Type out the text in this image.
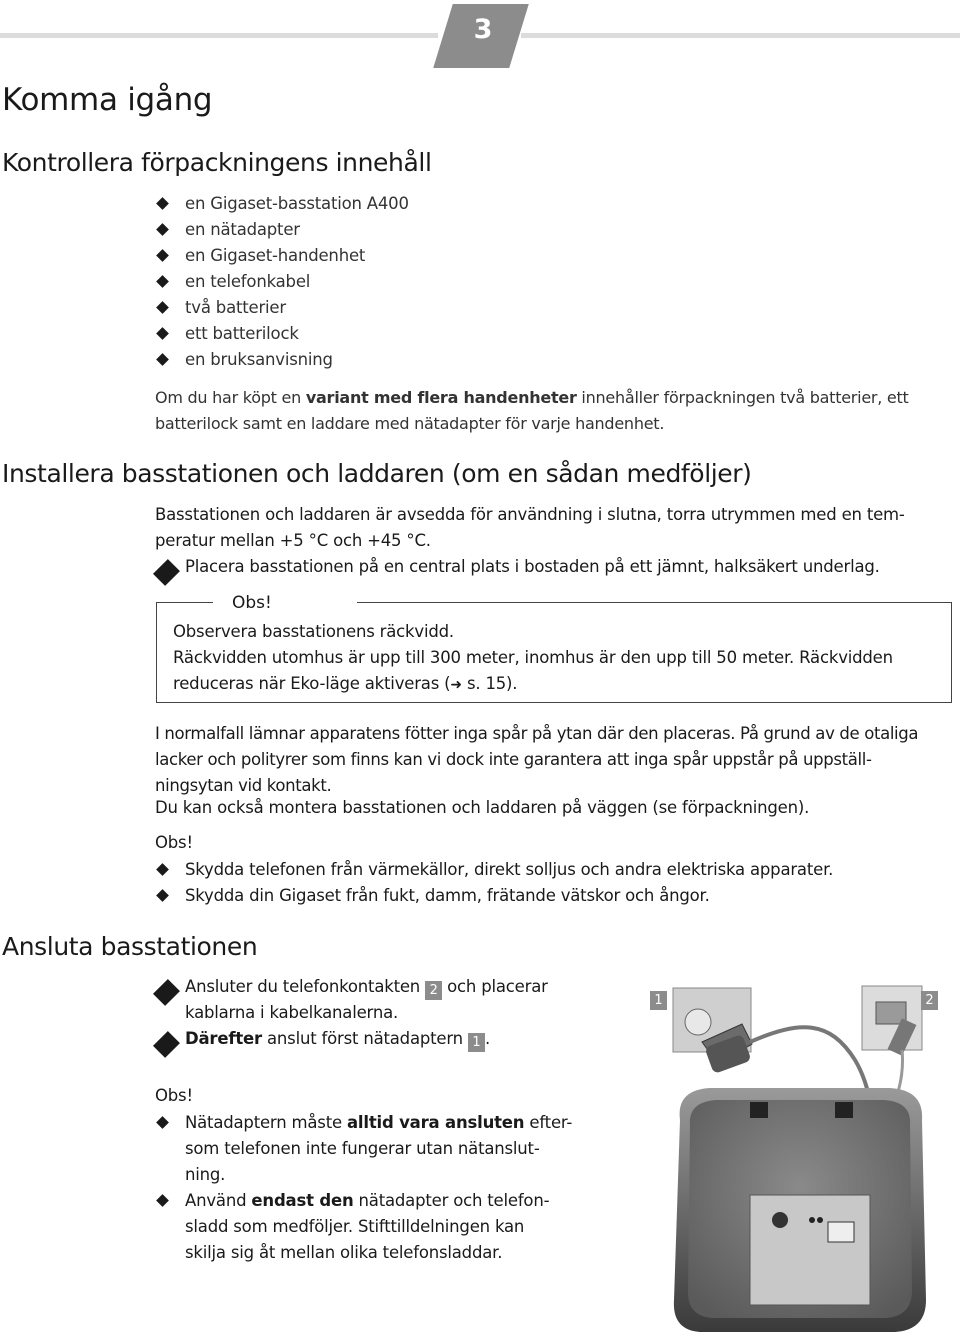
3
Komma igång
Kontrollera förpackningens innehåll
en Gigaset-basstation A400
en nätadapter
en Gigaset-handenhet
en telefonkabel
två batterier
ett batterilock
en bruksanvisning
Om du har köpt en variant med flera handenheter innehåller förpackningen två batterier, ett batterilock samt en laddare med nätadapter för varje handenhet.
Installera basstationen och laddaren (om en sådan medföljer)
Basstationen och laddaren är avsedda för användning i slutna, torra utrymmen med en tem-
peratur mellan +5 °C och +45 °C.
Placera basstationen på en central plats i bostaden på ett jämnt, halksäkert underlag.
Obs!
Observera basstationens räckvidd.
Räckvidden utomhus är upp till 300 meter, inomhus är den upp till 50 meter. Räckvidden
reduceras när Eko-läge aktiveras (➜ s. 15).
I normalfall lämnar apparatens fötter inga spår på ytan där den placeras. På grund av de otaliga
lacker och polityrer som finns kan vi dock inte garantera att inga spår uppstår på uppställ-
ningsytan vid kontakt.
Du kan också montera basstationen och laddaren på väggen (se förpackningen).
Obs!
Skydda telefonen från värmekällor, direkt solljus och andra elektriska apparater.
Skydda din Gigaset från fukt, damm, frätande vätskor och ångor.
Ansluta basstationen
Ansluter du telefonkontakten 2 och placerar
kablarna i kabelkanalerna.
Därefter anslut först nätadaptern 1 .
Obs!
Nätadaptern måste alltid vara ansluten efter-
som telefonen inte fungerar utan nätanslut-
ning.
Använd endast den nätadapter och telefon-
sladd som medföljer. Stifttilldelningen kan
skilja sig åt mellan olika telefonsladdar.
1	2
